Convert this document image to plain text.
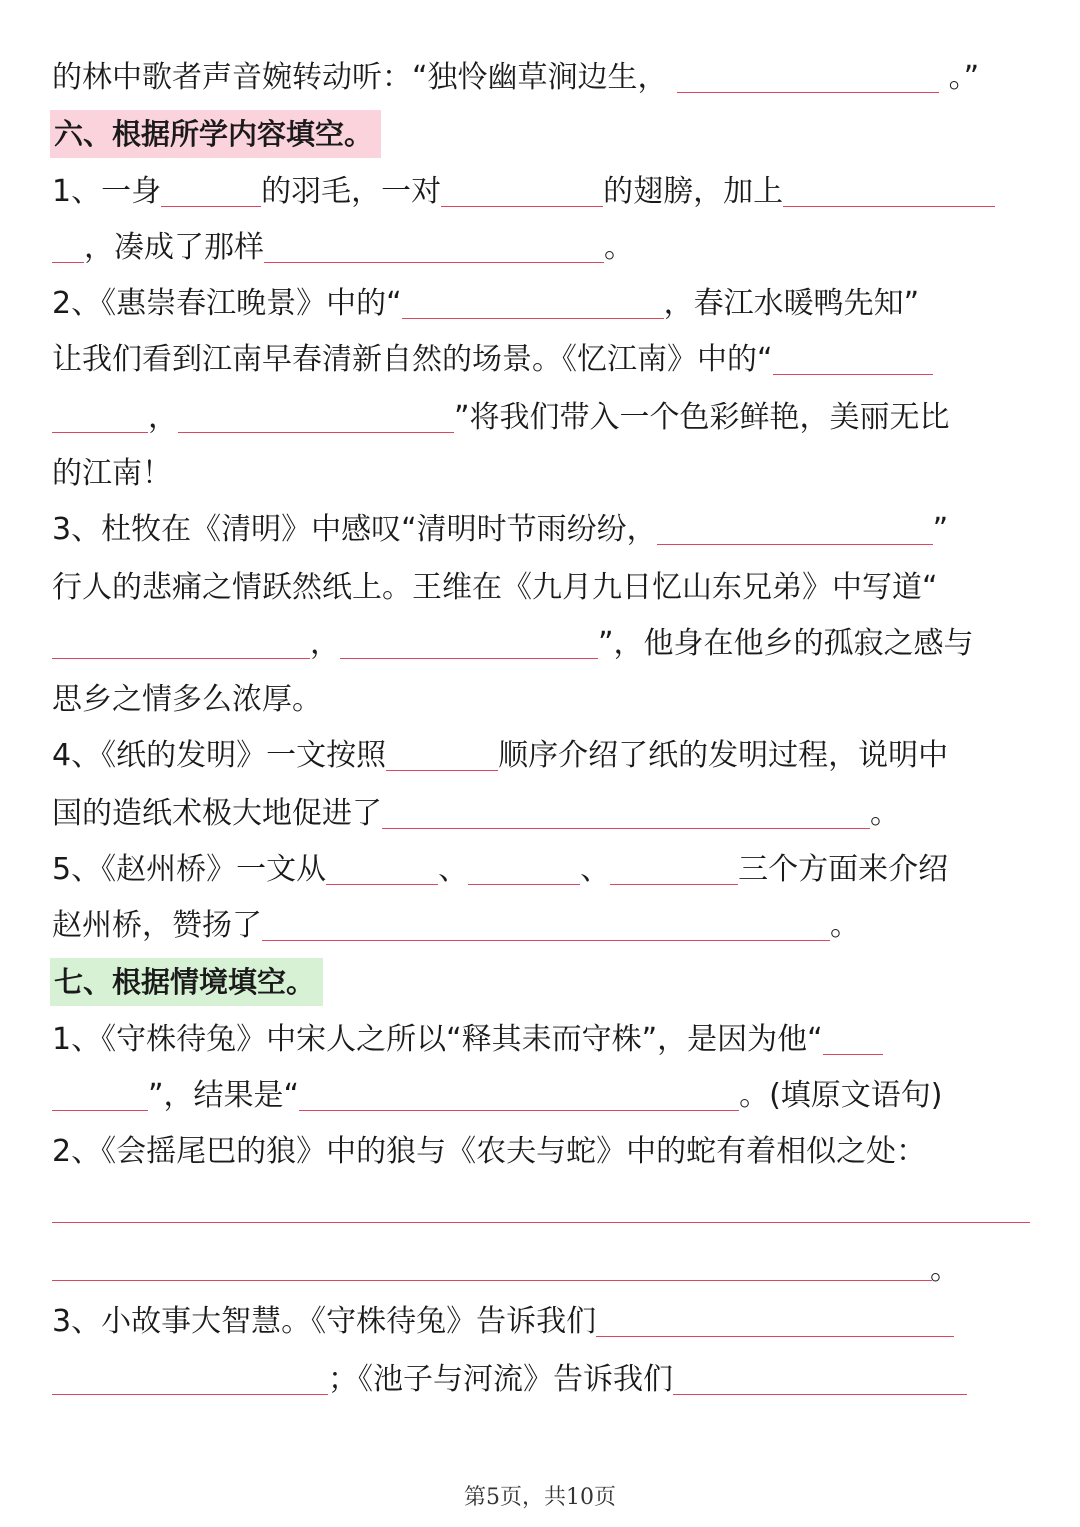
的林中歌者声音婉转动听：“独怜幽草涧边生，	。”
六、根据所学内容填空。
1、一身	的羽毛，一对	的翅膀，加上
，凑成了那样	。
2、《惠崇春江晚景》中的“	，春江水暖鸭先知”
让我们看到江南早春清新自然的场景。《忆江南》中的“
，	”将我们带入一个色彩鲜艳，美丽无比
的江南！
3、杜牧在《清明》中感叹“清明时节雨纷纷，	”
行人的悲痛之情跃然纸上。王维在《九月九日忆山东兄弟》中写道“
，	”，他身在他乡的孤寂之感与
思乡之情多么浓厚。
4、《纸的发明》一文按照	顺序介绍了纸的发明过程，说明中
国的造纸术极大地促进了	。
5、《赵州桥》一文从	、	、	三个方面来介绍
赵州桥，赞扬了	。
七、根据情境填空。
1、《守株待兔》中宋人之所以“释其耒而守株”，是因为他“
”，结果是“	。(填原文语句)
2、《会摇尾巴的狼》中的狼与《农夫与蛇》中的蛇有着相似之处：
。
3、小故事大智慧。《守株待兔》告诉我们
；《池子与河流》告诉我们
第5页，共10页
